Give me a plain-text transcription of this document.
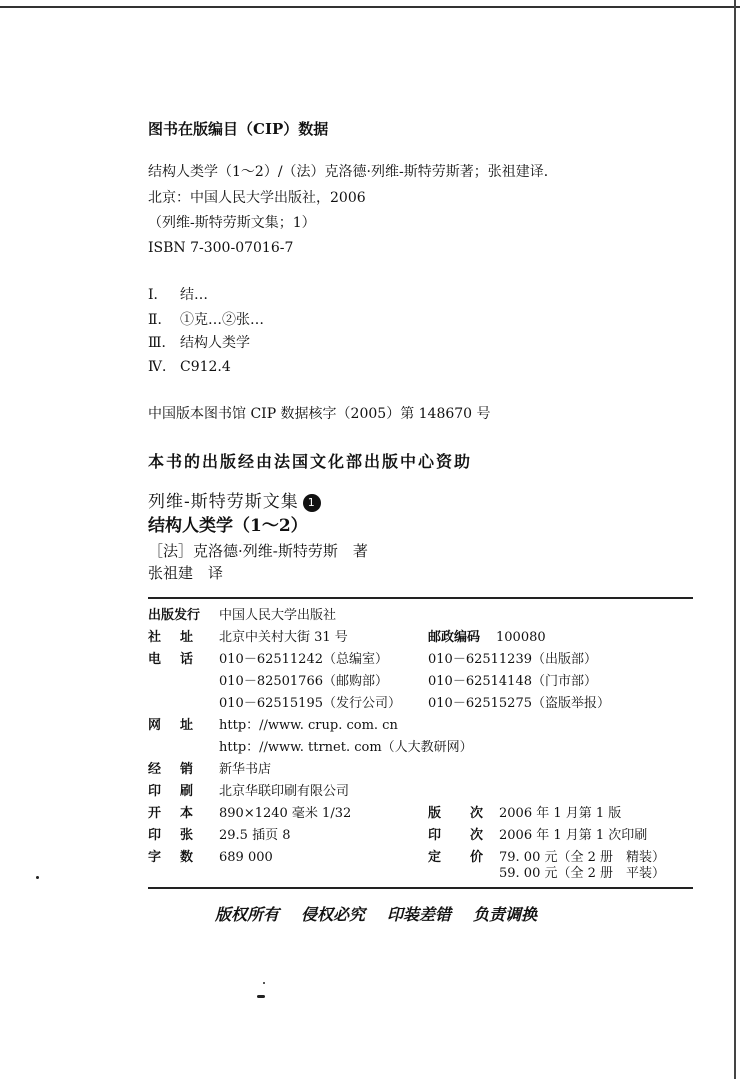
图书在版编目（CIP）数据
结构人类学（1～2）/（法）克洛德·列维-斯特劳斯著；张祖建译．
北京：中国人民大学出版社，2006
（列维-斯特劳斯文集；1）
ISBN 7-300-07016-7
Ⅰ． 结…
Ⅱ． ①克…②张…
Ⅲ． 结构人类学
Ⅳ． C912.4
中国版本图书馆 CIP 数据核字（2005）第 148670 号
本书的出版经由法国文化部出版中心资助
列维-斯特劳斯文集 1
结构人类学（1～2）
［法］克洛德·列维-斯特劳斯　著
张祖建　译
出版发行 中国人民大学出版社
社 址 北京中关村大街 31 号	邮政编码 100080
电 话 010－62511242（总编室）	010－62511239（出版部）
010－82501766（邮购部）	010－62514148（门市部）
010－62515195（发行公司） 010－62515275（盗版举报）
网 址 http：//www. crup. com. cn
http：//www. ttrnet. com（人大教研网）
经 销 新华书店
印 刷 北京华联印刷有限公司
开 本 890×1240 毫米 1/32	版 次 2006 年 1 月第 1 版
印 张 29.5 插页 8	印 次 2006 年 1 月第 1 次印刷
字 数 689 000	定 价 79. 00 元（全 2 册　精装）
59. 00 元（全 2 册　平装）
版权所有 侵权必究 印装差错 负责调换
